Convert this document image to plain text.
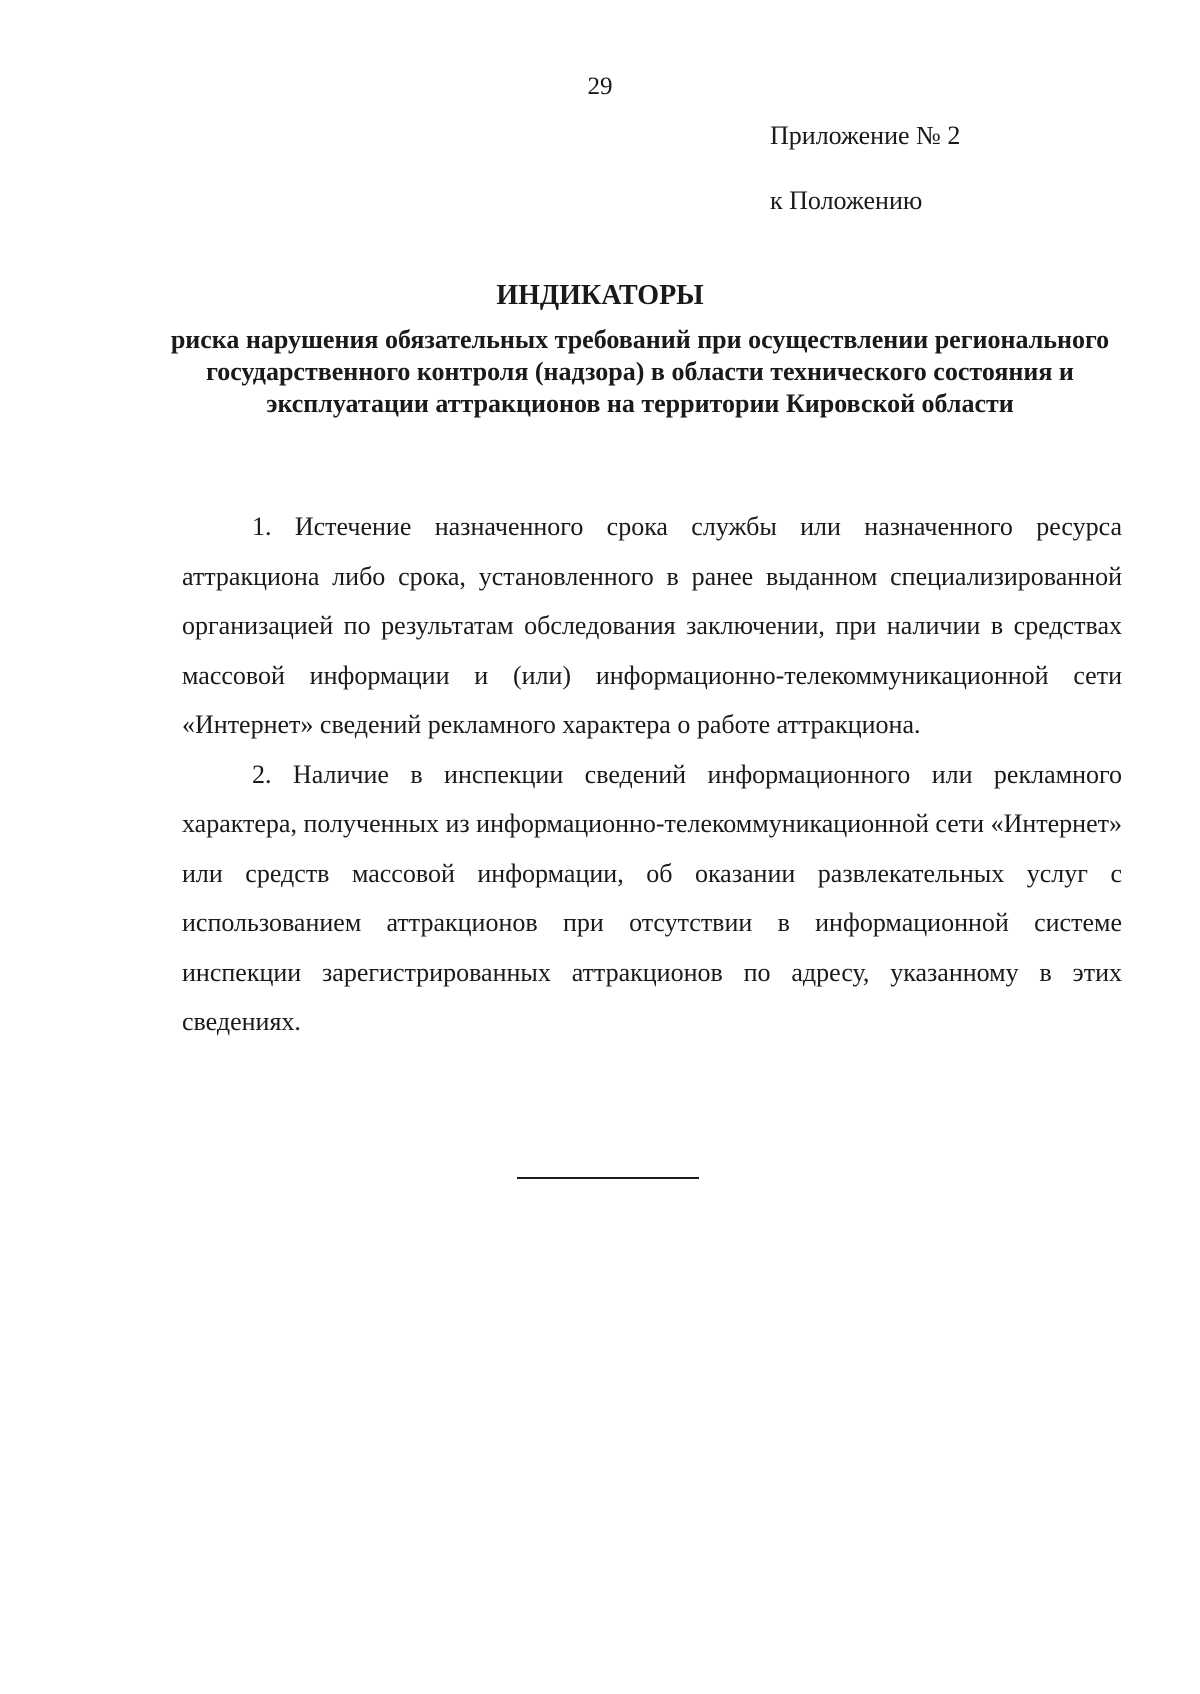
29
Приложение № 2
к Положению
ИНДИКАТОРЫ
риска нарушения обязательных требований при осуществлении регионального государственного контроля (надзора) в области технического состояния и эксплуатации аттракционов на территории Кировской области

1. Истечение назначенного срока службы или назначенного ресурса аттракциона либо срока, установленного в ранее выданном специализированной организацией по результатам обследования заключении, при наличии в средствах массовой информации и (или) информационно-телекоммуникационной сети «Интернет» сведений рекламного характера о работе аттракциона.

2. Наличие в инспекции сведений информационного или рекламного характера, полученных из информационно-телекоммуникационной сети «Интернет» или средств массовой информации, об оказании развлекательных услуг с использованием аттракционов при отсутствии в информационной системе инспекции зарегистрированных аттракционов по адресу, указанному в этих сведениях.
